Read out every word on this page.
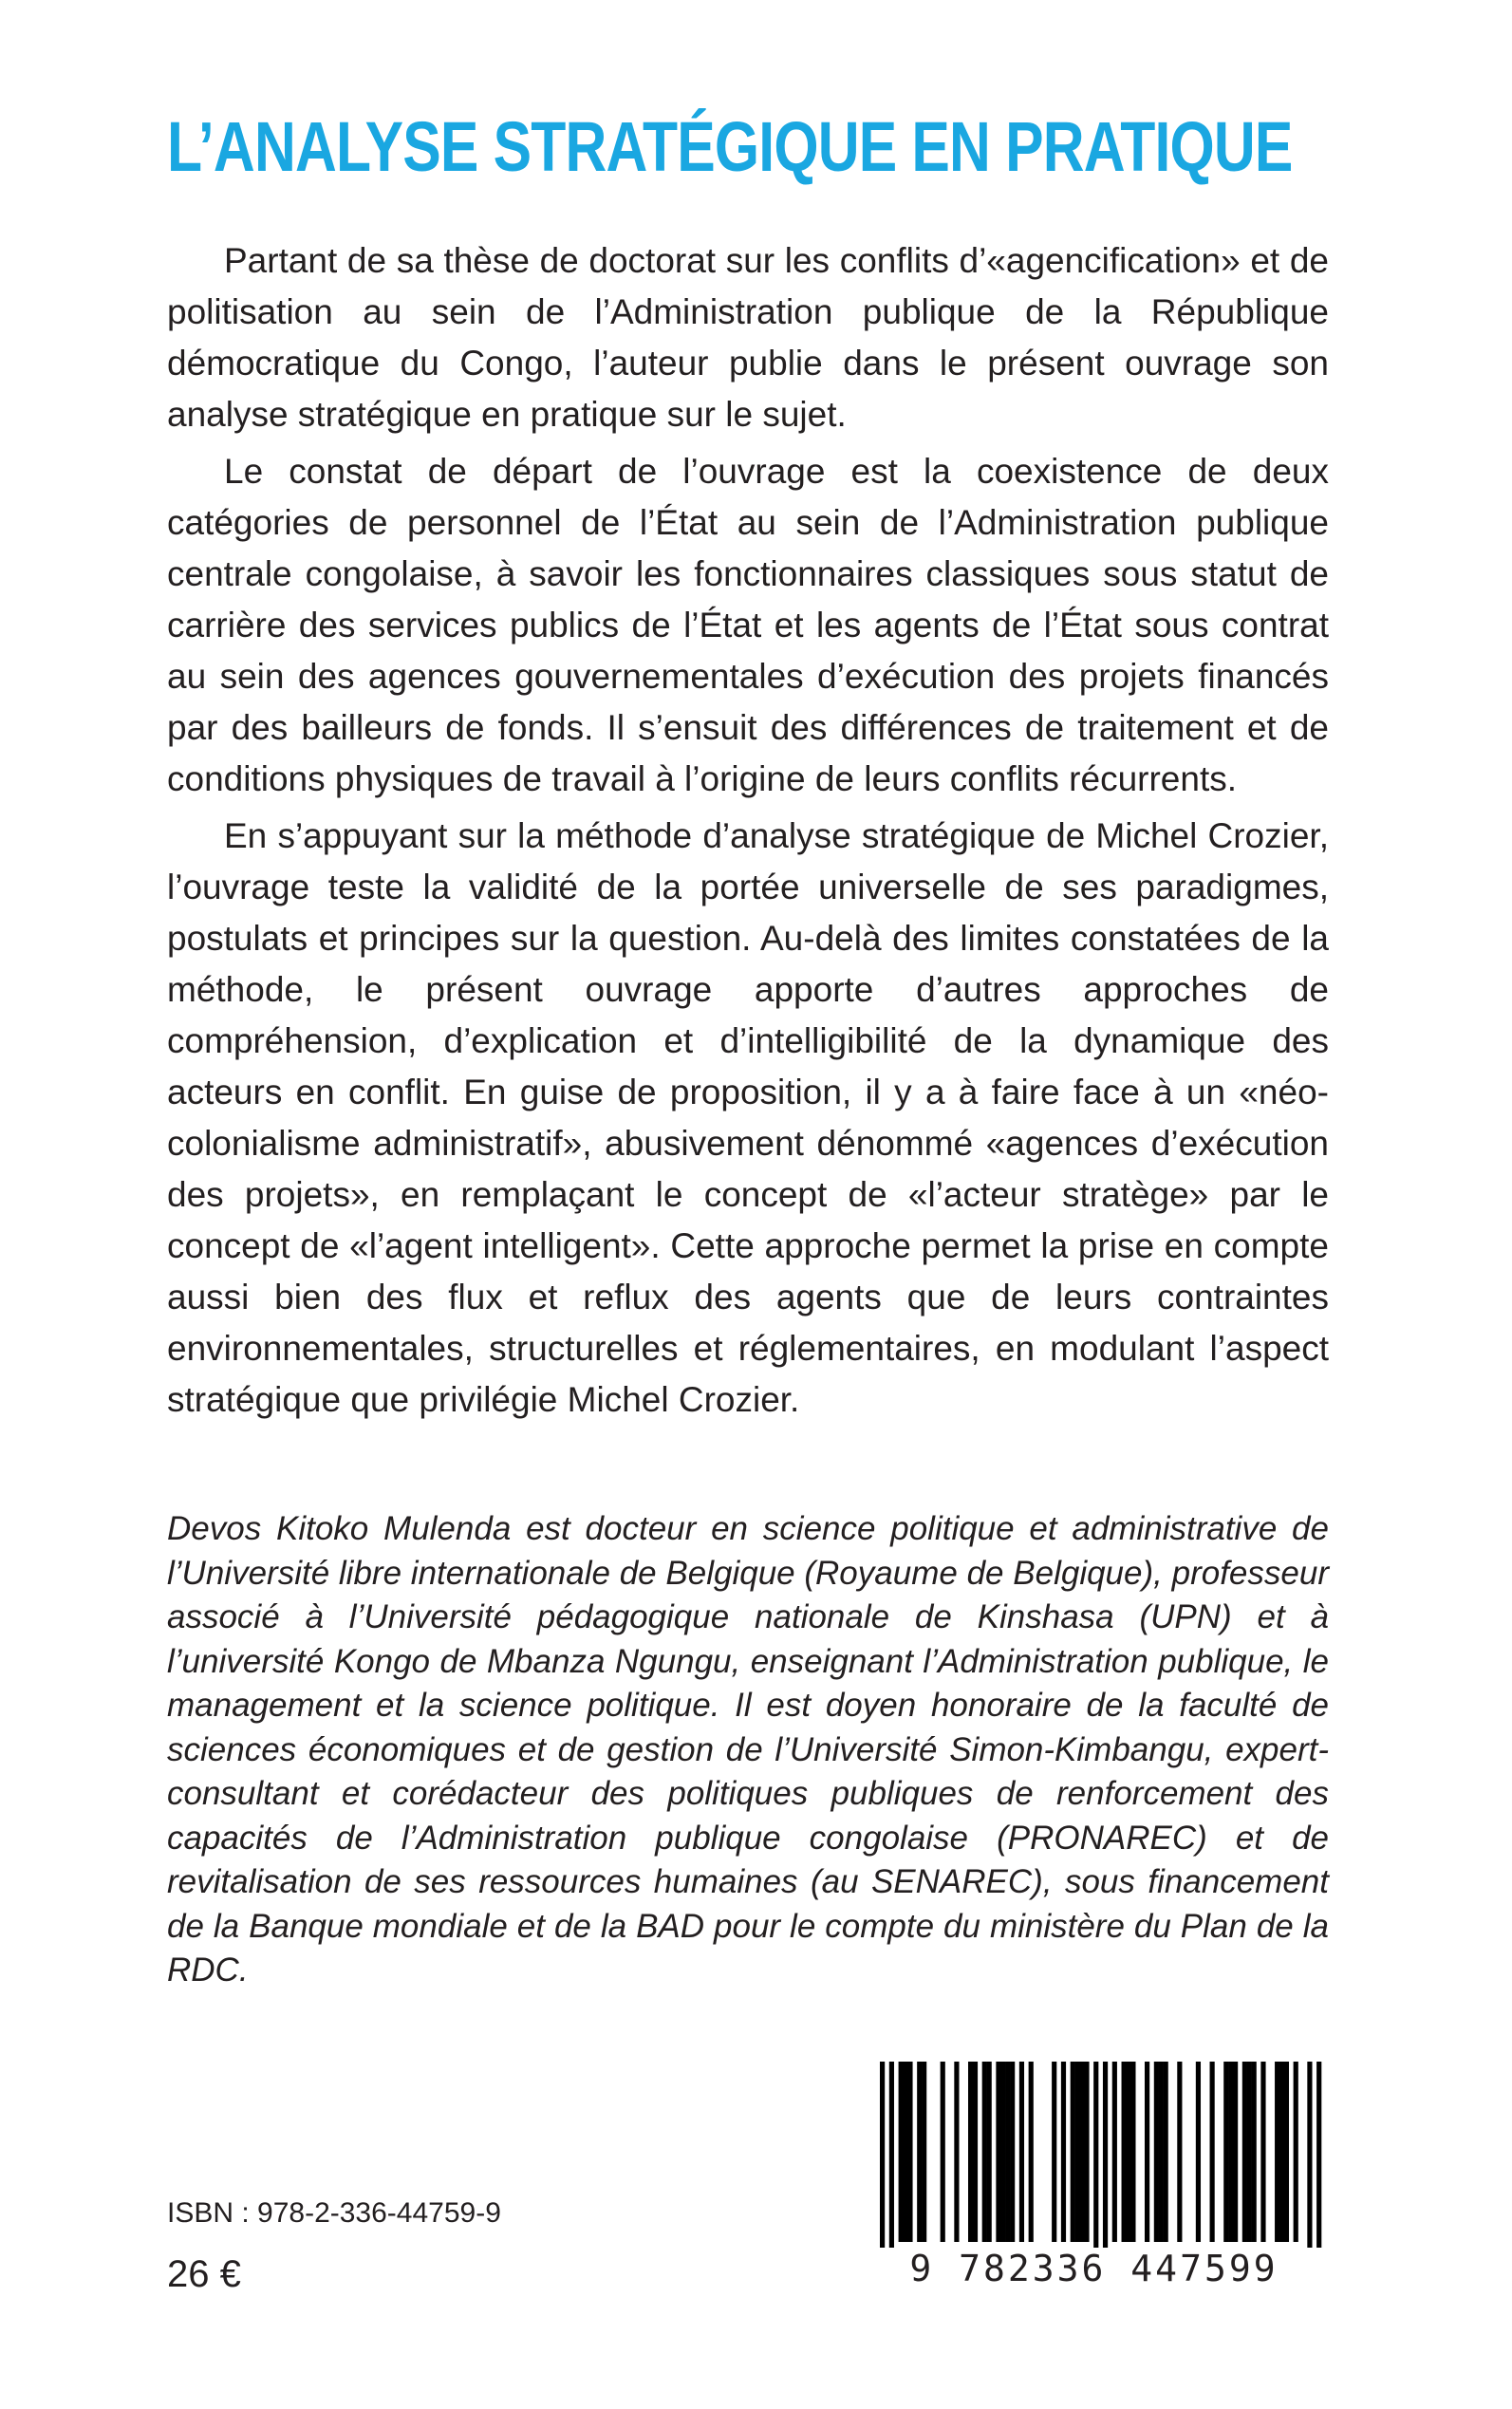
L’ANALYSE STRATÉGIQUE EN PRATIQUE

Partant de sa thèse de doctorat sur les conflits d’«agencification» et de politisation au sein de l’Administration publique de la République démocratique du Congo, l’auteur publie dans le présent ouvrage son analyse stratégique en pratique sur le sujet.

Le constat de départ de l’ouvrage est la coexistence de deux catégories de personnel de l’État au sein de l’Administration publique centrale congolaise, à savoir les fonctionnaires classiques sous statut de carrière des services publics de l’État et les agents de l’État sous contrat au sein des agences gouvernementales d’exécution des projets financés par des bailleurs de fonds. Il s’ensuit des différences de traitement et de conditions physiques de travail à l’origine de leurs conflits récurrents.

En s’appuyant sur la méthode d’analyse stratégique de Michel Crozier, l’ouvrage teste la validité de la portée universelle de ses paradigmes, postulats et principes sur la question. Au-delà des limites constatées de la méthode, le présent ouvrage apporte d’autres approches de compréhension, d’explication et d’intelligibilité de la dynamique des acteurs en conflit. En guise de proposition, il y a à faire face à un «néo-colonialisme administratif», abusivement dénommé «agences d’exécution des projets», en remplaçant le concept de «l’acteur stratège» par le concept de «l’agent intelligent». Cette approche permet la prise en compte aussi bien des flux et reflux des agents que de leurs contraintes environnementales, structurelles et réglementaires, en modulant l’aspect stratégique que privilégie Michel Crozier.

Devos Kitoko Mulenda est docteur en science politique et administrative de l’Université libre internationale de Belgique (Royaume de Belgique), professeur associé à l’Université pédagogique nationale de Kinshasa (UPN) et à l’université Kongo de Mbanza Ngungu, enseignant l’Administration publique, le management et la science politique. Il est doyen honoraire de la faculté de sciences économiques et de gestion de l’Université Simon-Kimbangu, expert-consultant et corédacteur des politiques publiques de renforcement des capacités de l’Administration publique congolaise (PRONAREC) et de revitalisation de ses ressources humaines (au SENAREC), sous financement de la Banque mondiale et de la BAD pour le compte du ministère du Plan de la RDC.

ISBN : 978-2-336-44759-9
26 €	9 782336 447599
